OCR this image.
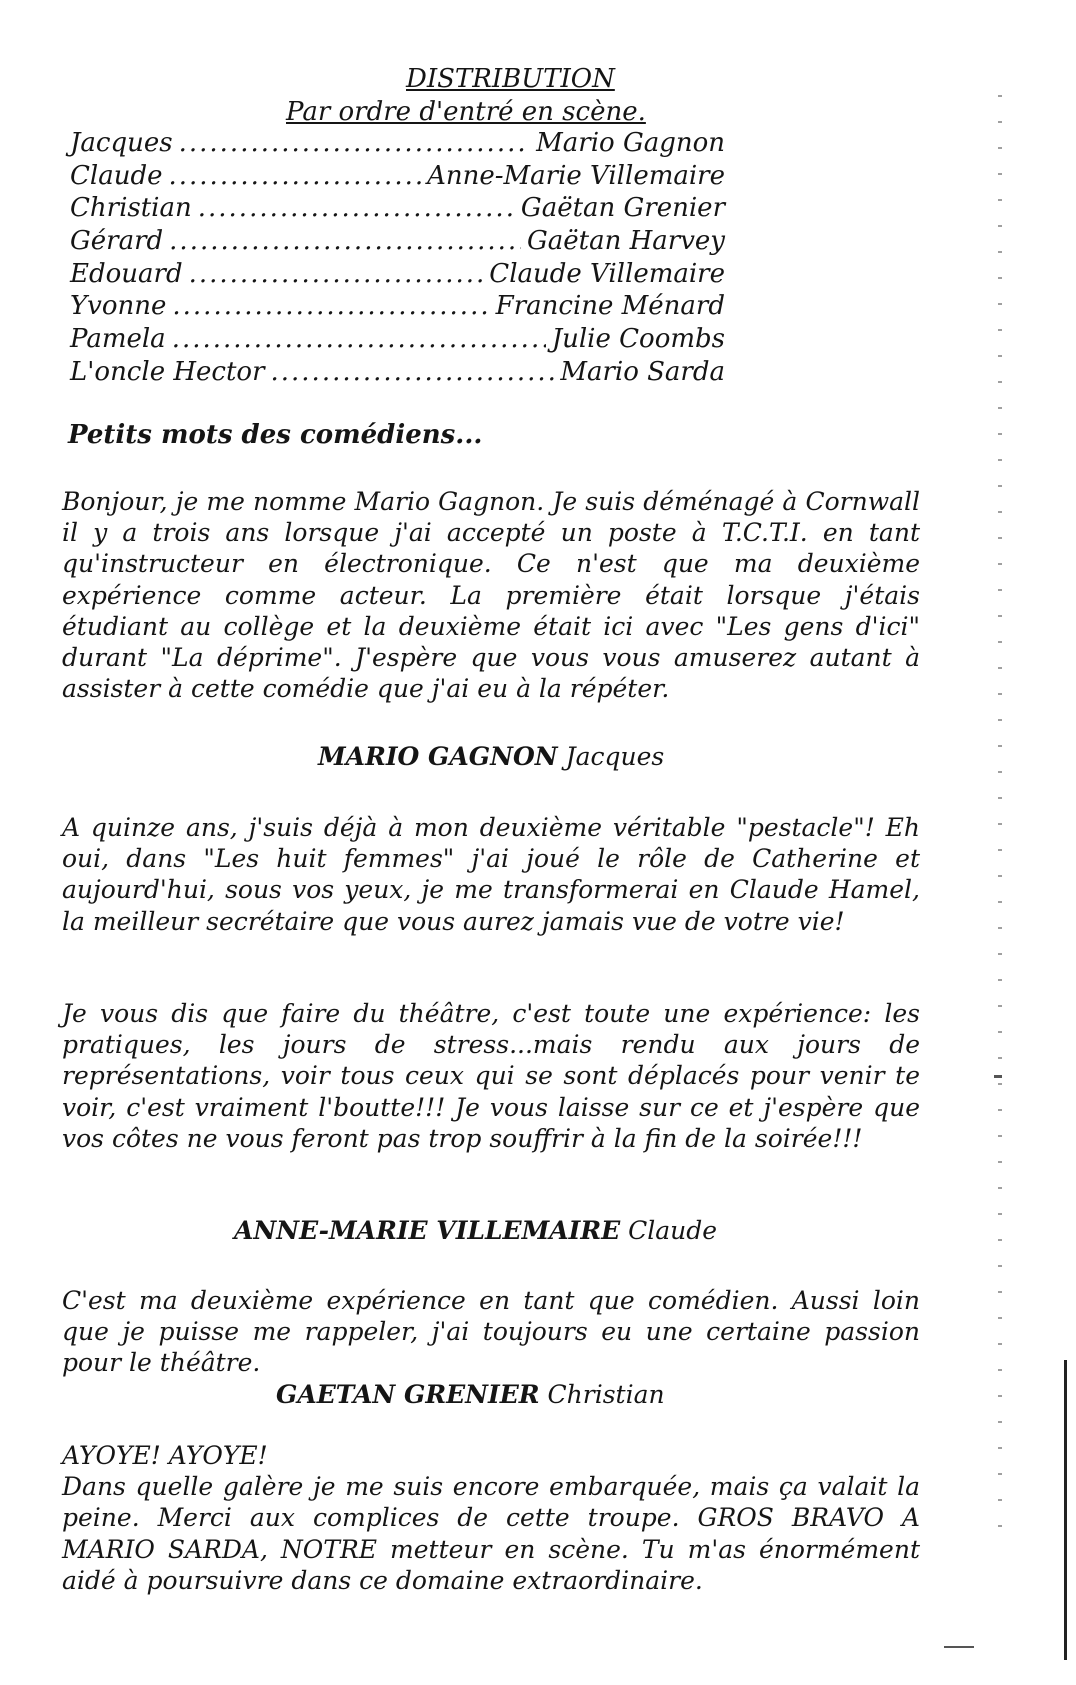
DISTRIBUTION
Par ordre d'entré en scène.
Jacques .....	Mario Gagnon
Claude .....	Anne-Marie Villemaire
Christian .....	Gaëtan Grenier
Gérard .....	Gaëtan Harvey
Edouard .....	Claude Villemaire
Yvonne .....	Francine Ménard
Pamela .....	Julie Coombs
L'oncle Hector .....	Mario Sarda
Petits mots des comédiens...

Bonjour, je me nomme Mario Gagnon. Je suis déménagé à Cornwall il y a trois ans lorsque j'ai accepté un poste à T.C.T.I. en tant qu'instructeur en électronique. Ce n'est que ma deuxième expérience comme acteur. La première était lorsque j'étais étudiant au collège et la deuxième était ici avec "Les gens d'ici" durant "La déprime". J'espère que vous vous amuserez autant à assister à cette comédie que j'ai eu à la répéter.

MARIO GAGNON Jacques

A quinze ans, j'suis déjà à mon deuxième véritable "pestacle"! Eh oui, dans "Les huit femmes" j'ai joué le rôle de Catherine et aujourd'hui, sous vos yeux, je me transformerai en Claude Hamel, la meilleur secrétaire que vous aurez jamais vue de votre vie!

Je vous dis que faire du théâtre, c'est toute une expérience: les pratiques, les jours de stress...mais rendu aux jours de représentations, voir tous ceux qui se sont déplacés pour venir te voir, c'est vraiment l'boutte!!! Je vous laisse sur ce et j'espère que vos côtes ne vous feront pas trop souffrir à la fin de la soirée!!!

ANNE-MARIE VILLEMAIRE Claude

C'est ma deuxième expérience en tant que comédien. Aussi loin que je puisse me rappeler, j'ai toujours eu une certaine passion pour le théâtre.

GAETAN GRENIER Christian

AYOYE! AYOYE!

Dans quelle galère je me suis encore embarquée, mais ça valait la peine. Merci aux complices de cette troupe. GROS BRAVO A MARIO SARDA, NOTRE metteur en scène. Tu m'as énormément aidé à poursuivre dans ce domaine extraordinaire.
